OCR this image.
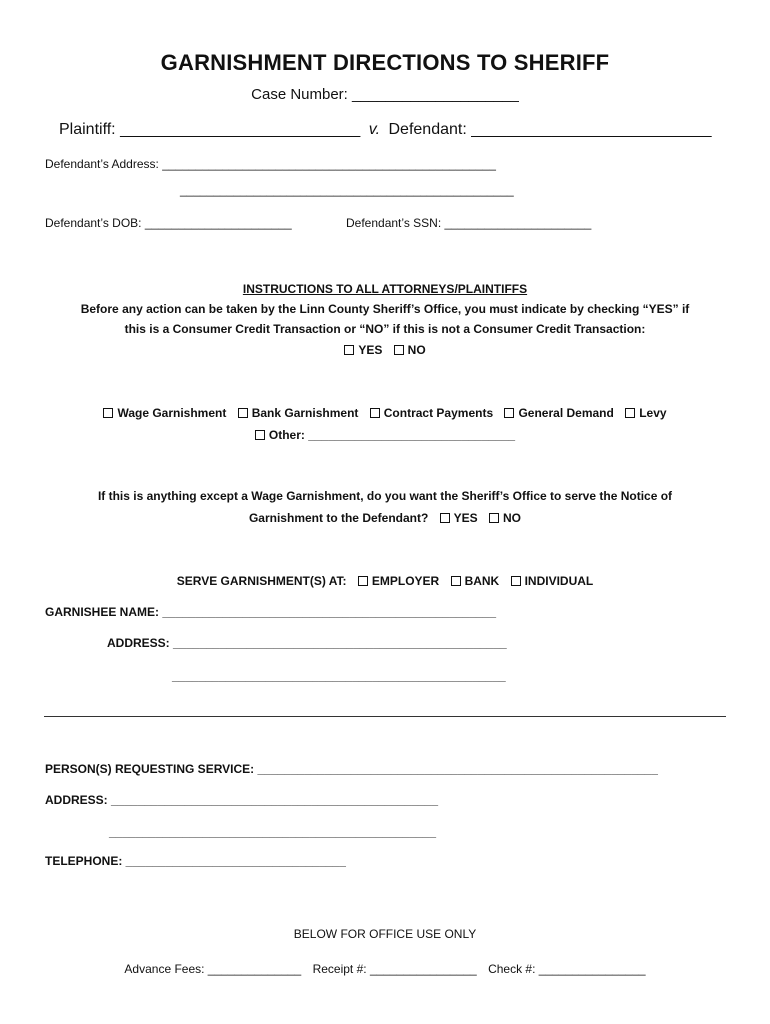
GARNISHMENT DIRECTIONS TO SHERIFF
Case Number: ____________________
Plaintiff: ___________________________ v. Defendant: ___________________________
Defendant’s Address: __________________________________________________
__________________________________________________
Defendant’s DOB: ______________________	Defendant’s SSN: ______________________
INSTRUCTIONS TO ALL ATTORNEYS/PLAINTIFFS
Before any action can be taken by the Linn County Sheriff’s Office, you must indicate by checking “YES” if
this is a Consumer Credit Transaction or “NO” if this is not a Consumer Credit Transaction:
YES NO
Wage Garnishment Bank Garnishment Contract Payments General Demand Levy
Other: _______________________________
If this is anything except a Wage Garnishment, do you want the Sheriff’s Office to serve the Notice of
Garnishment to the Defendant? YES NO
SERVE GARNISHMENT(S) AT: EMPLOYER BANK INDIVIDUAL
GARNISHEE NAME: __________________________________________________
ADDRESS: __________________________________________________
__________________________________________________
PERSON(S) REQUESTING SERVICE: ____________________________________________________________
ADDRESS: _________________________________________________
_________________________________________________
TELEPHONE: _________________________________
BELOW FOR OFFICE USE ONLY
Advance Fees: ______________ Receipt #: ________________ Check #: ________________
